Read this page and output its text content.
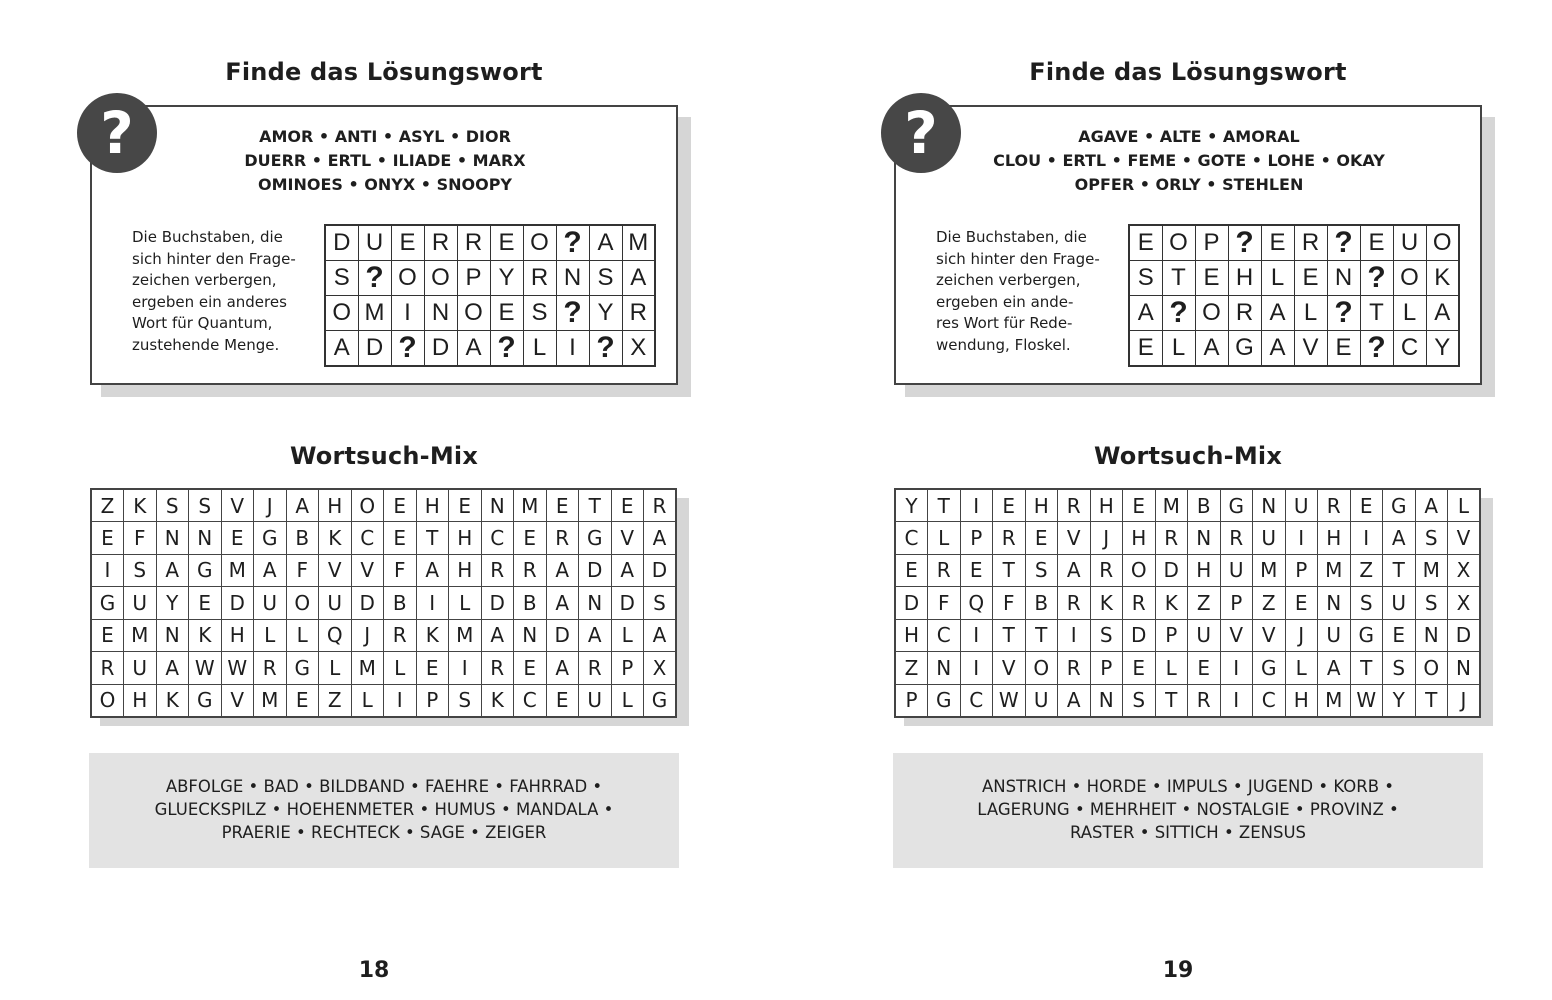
Finde das Lösungswort
?	AMOR • ANTI • ASYL • DIOR
DUERR • ERTL • ILIADE • MARX
OMINOES • ONYX • SNOOPY
Die Buchstaben, die
sich hinter den Frage-
zeichen verbergen,
ergeben ein anderes
Wort für Quantum,
zustehende Menge.
D	U	E	R	R	E	O	?	A	M
S	?	O	O	P	Y	R	N	S	A
O	M	I	N	O	E	S	?	Y	R
A	D	?	D	A	?	L	I	?	X
Wortsuch-Mix
Z	K	S	S	V	J	A	H	O	E	H	E	N	M	E	T	E	R
E	F	N	N	E	G	B	K	C	E	T	H	C	E	R	G	V	A
I	S	A	G	M	A	F	V	V	F	A	H	R	R	A	D	A	D
G	U	Y	E	D	U	O	U	D	B	I	L	D	B	A	N	D	S
E	M	N	K	H	L	L	Q	J	R	K	M	A	N	D	A	L	A
R	U	A	W	W	R	G	L	M	L	E	I	R	E	A	R	P	X
O	H	K	G	V	M	E	Z	L	I	P	S	K	C	E	U	L	G
ABFOLGE • BAD • BILDBAND • FAEHRE • FAHRRAD •
GLUECKSPILZ • HOEHENMETER • HUMUS • MANDALA •
PRAERIE • RECHTECK • SAGE • ZEIGER
18
Finde das Lösungswort
?	AGAVE • ALTE • AMORAL
CLOU • ERTL • FEME • GOTE • LOHE • OKAY
OPFER • ORLY • STEHLEN
Die Buchstaben, die
sich hinter den Frage-
zeichen verbergen,
ergeben ein ande-
res Wort für Rede-
wendung, Floskel.
E	O	P	?	E	R	?	E	U	O
S	T	E	H	L	E	N	?	O	K
A	?	O	R	A	L	?	T	L	A
E	L	A	G	A	V	E	?	C	Y
Wortsuch-Mix
Y	T	I	E	H	R	H	E	M	B	G	N	U	R	E	G	A	L
C	L	P	R	E	V	J	H	R	N	R	U	I	H	I	A	S	V
E	R	E	T	S	A	R	O	D	H	U	M	P	M	Z	T	M	X
D	F	Q	F	B	R	K	R	K	Z	P	Z	E	N	S	U	S	X
H	C	I	T	T	I	S	D	P	U	V	V	J	U	G	E	N	D
Z	N	I	V	O	R	P	E	L	E	I	G	L	A	T	S	O	N
P	G	C	W	U	A	N	S	T	R	I	C	H	M	W	Y	T	J
ANSTRICH • HORDE • IMPULS • JUGEND • KORB •
LAGERUNG • MEHRHEIT • NOSTALGIE • PROVINZ •
RASTER • SITTICH • ZENSUS
19
